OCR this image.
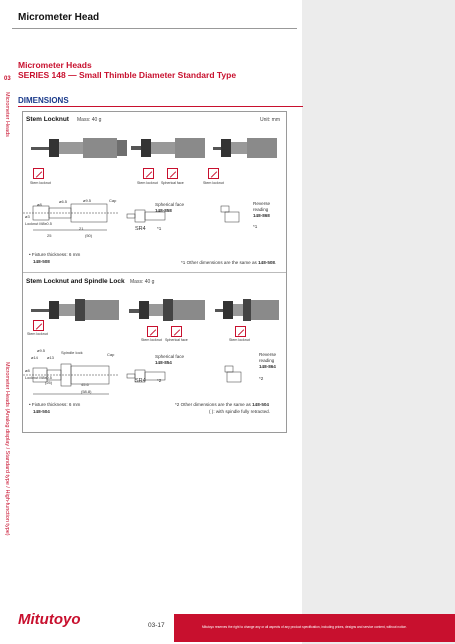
Micrometer Head
Micrometer Heads
SERIES 148 — Small Thimble Diameter Standard Type
03
Micrometer Heads
Micrometer Heads (Analog display / Standard type / High-function type)
DIMENSIONS
Stem Locknut Mass: 40 g	Unit: mm
Stem locknut	Stem locknut Spherical face	Stem locknut
ø8
ø6.5	ø9.5	Cap
25
21
(50)
Locknut M8x0.5
ø3
Spherical face
148-858
SR4 *1
Reverse
reading
148-868
*1
• Fixture thickness: 6 mm
148-508	*1 Other dimensions are the same as 148-508.
Stem Locknut and Spindle Lock Mass: 40 g
Stem locknut
Stem locknut Spherical face	Stem locknut
ø9.5
ø14 ø13
Spindle lock	Cap
ø8
Locknut M8x0.5
(25)	45.6
(58.8)
Spherical face
148-854
SR4 *2
Reverse
reading
148-864
*2
• Fixture thickness: 6 mm
148-504
*2 Other dimensions are the same as 148-504
( ): with spindle fully retracted.
Mitutoyo	03-17	Mitutoyo reserves the right to change any or all aspects of any product specification, including prices, designs and service content, without notice.
